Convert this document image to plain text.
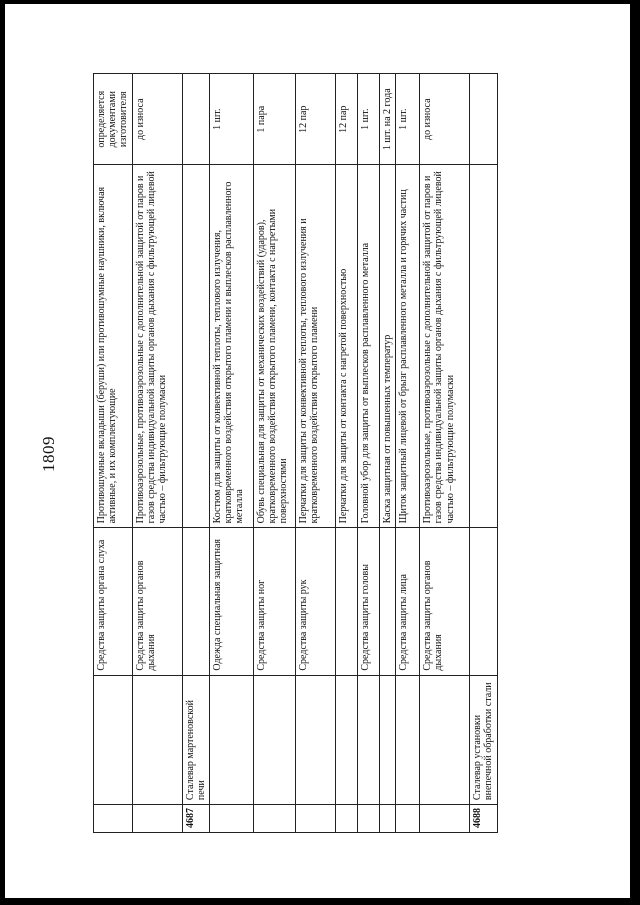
1809
		Средства защиты органа слуха	Противошумные вкладыши (беруши) или противошумные наушники, включая активные, и их комплектующие	определяется документами изготовителя
		Средства защиты органов дыхания	Противоаэрозольные, противоаэрозольные с дополнительной защитой от паров и газов средства индивидуальной защиты органов дыхания с фильтрующей лицевой частью – фильтрующие полумаски	до износа
4687	Сталевар мартеновской печи			
		Одежда специальная защитная	Костюм для защиты от конвективной теплоты, теплового излучения, кратковременного воздействия открытого пламени и выплесков расплавленного металла	1 шт.
		Средства защиты ног	Обувь специальная для защиты от механических воздействий (ударов), кратковременного воздействия открытого пламени, контакта с нагретыми поверхностями	1 пара
		Средства защиты рук	Перчатки для защиты от конвективной теплоты, теплового излучения и кратковременного воздействия открытого пламени	12 пар
			Перчатки для защиты от контакта с нагретой поверхностью	12 пар
		Средства защиты головы	Головной убор для защиты от выплесков расплавленного металла	1 шт.
			Каска защитная от повышенных температур	1 шт. на 2 года
		Средства защиты лица	Щиток защитный лицевой от брызг расплавленного металла и горячих частиц	1 шт.
		Средства защиты органов дыхания	Противоаэрозольные, противоаэрозольные с дополнительной защитой от паров и газов средства индивидуальной защиты органов дыхания с фильтрующей лицевой частью – фильтрующие полумаски	до износа
4688	Сталевар установки внепечной обработки стали			
